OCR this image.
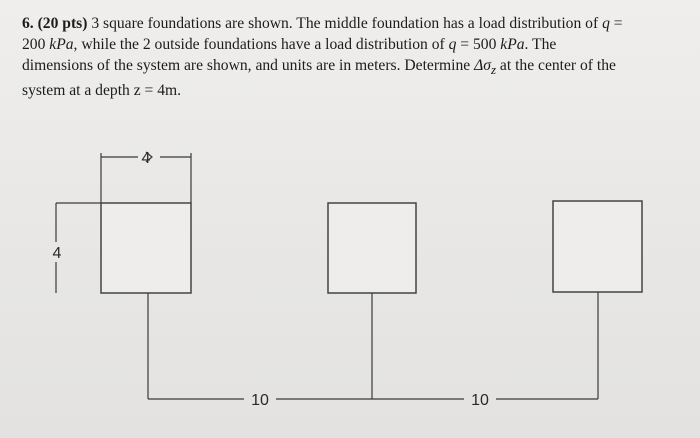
6. (20 pts) 3 square foundations are shown. The middle foundation has a load distribution of q =
200 kPa, while the 2 outside foundations have a load distribution of q = 500 kPa. The
dimensions of the system are shown, and units are in meters. Determine $\Delta\sigma_z$ at the center of the
system at a depth z = 4m.

4
4
10	10
